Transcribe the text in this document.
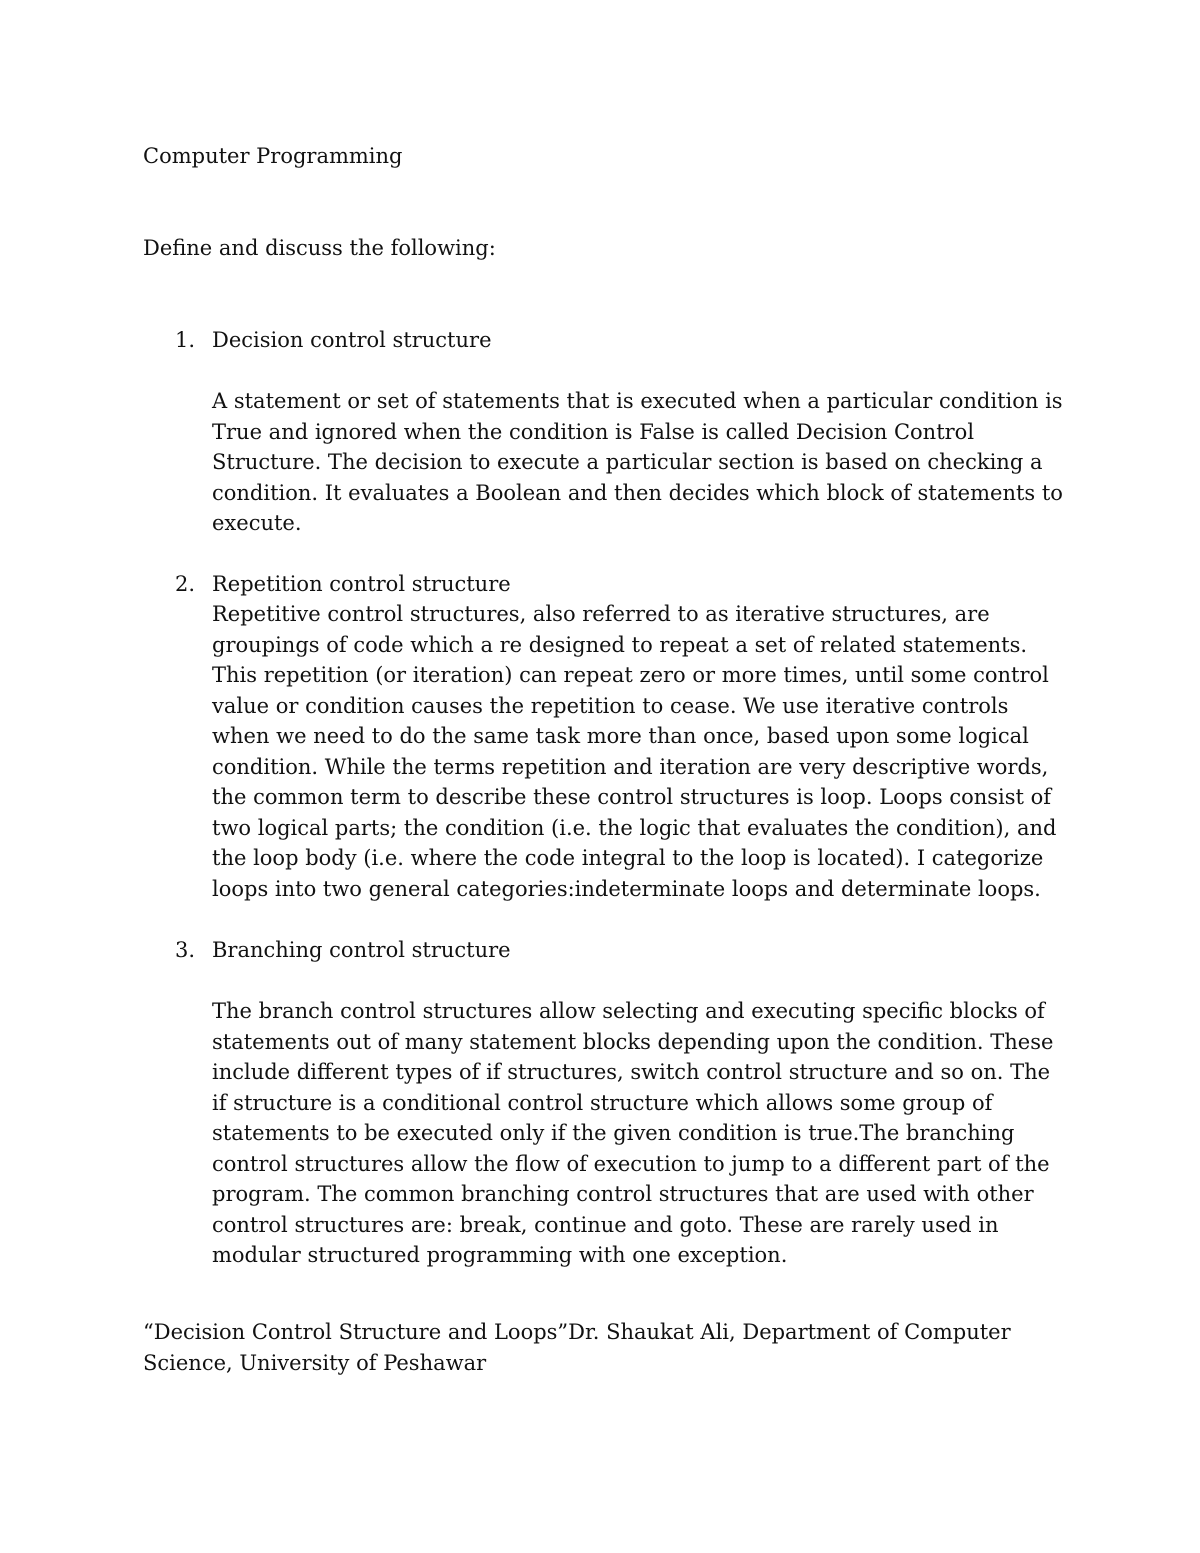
Computer Programming

Define and discuss the following:

1. Decision control structure

A statement or set of statements that is executed when a particular condition is
True and ignored when the condition is False is called Decision Control
Structure. The decision to execute a particular section is based on checking a
condition. It evaluates a Boolean and then decides which block of statements to
execute.
2. Repetition control structure

Repetitive control structures, also referred to as iterative structures, are
groupings of code which a re designed to repeat a set of related statements.
This repetition (or iteration) can repeat zero or more times, until some control
value or condition causes the repetition to cease. We use iterative controls
when we need to do the same task more than once, based upon some logical
condition. While the terms repetition and iteration are very descriptive words,
the common term to describe these control structures is loop. Loops consist of
two logical parts; the condition (i.e. the logic that evaluates the condition), and
the loop body (i.e. where the code integral to the loop is located). I categorize
loops into two general categories:indeterminate loops and determinate loops.
3. Branching control structure

The branch control structures allow selecting and executing specific blocks of
statements out of many statement blocks depending upon the condition. These
include different types of if structures, switch control structure and so on. The
if structure is a conditional control structure which allows some group of
statements to be executed only if the given condition is true.The branching
control structures allow the flow of execution to jump to a different part of the
program. The common branching control structures that are used with other
control structures are: break, continue and goto. These are rarely used in
modular structured programming with one exception.
“Decision Control Structure and Loops”Dr. Shaukat Ali, Department of Computer
Science, University of Peshawar
